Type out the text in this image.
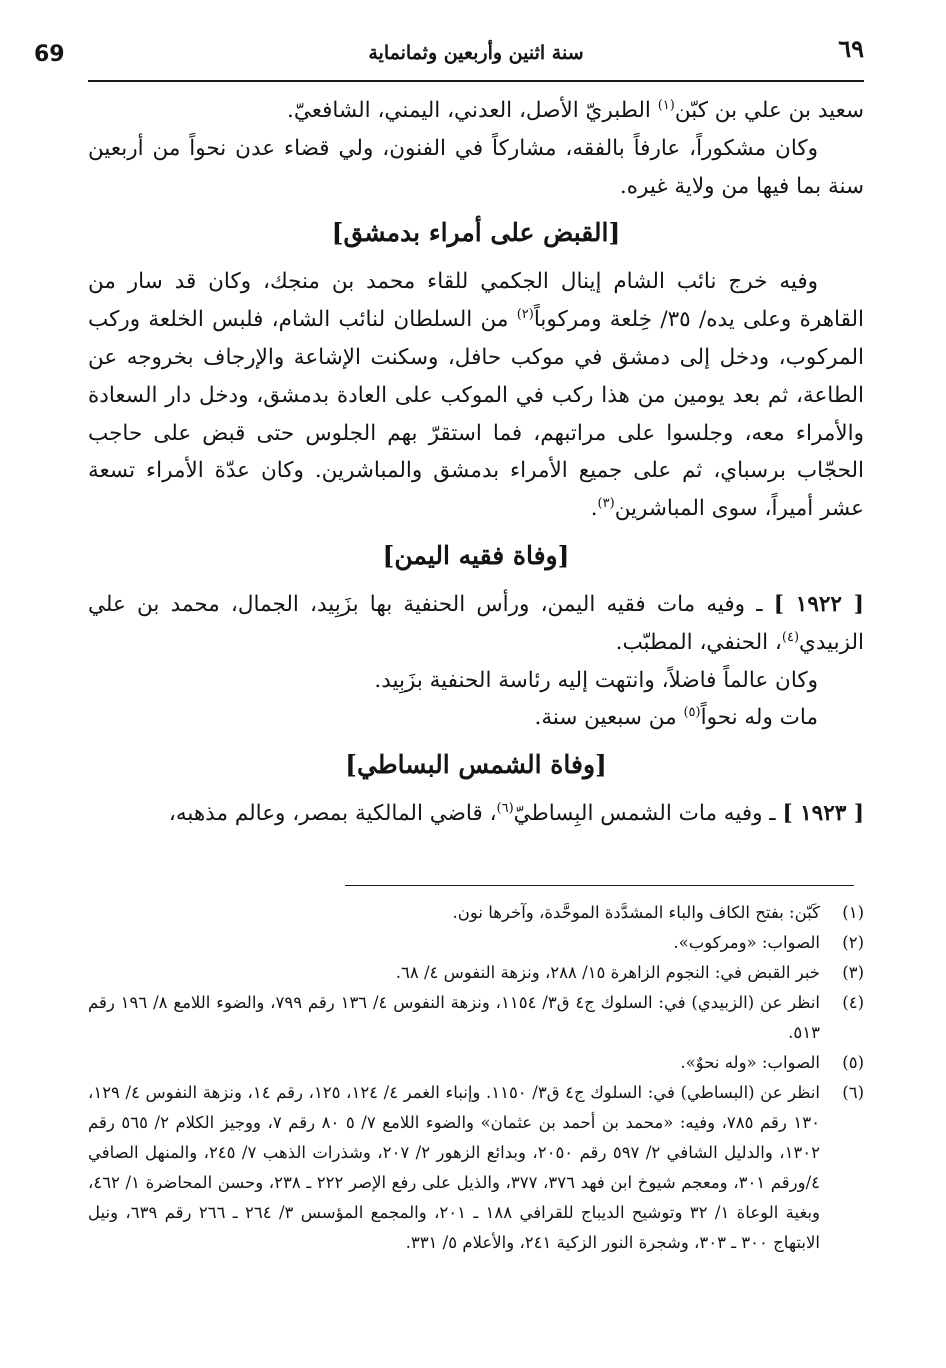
٦٩
سنة اثنين وأربعين وثمانماية
69

سعيد بن علي بن كبّن$^{(١)}$ الطبريّ الأصل، العدني، اليمني، الشافعيّ.

وكان مشكوراً، عارفاً بالفقه، مشاركاً في الفنون، ولي قضاء عدن نحواً من أربعين سنة بما فيها من ولاية غيره.

[القبض على أمراء بدمشق]

وفيه خرج نائب الشام إينال الجكمي للقاء محمد بن منجك، وكان قد سار من القاهرة وعلى يده/ ٣٥/ خِلعة ومركوباً$^{(٢)}$ من السلطان لنائب الشام، فلبس الخلعة وركب المركوب، ودخل إلى دمشق في موكب حافل، وسكنت الإشاعة والإرجاف بخروجه عن الطاعة، ثم بعد يومين من هذا ركب في الموكب على العادة بدمشق، ودخل دار السعادة والأمراء معه، وجلسوا على مراتبهم، فما استقرّ بهم الجلوس حتى قبض على حاجب الحجّاب برسباي، ثم على جميع الأمراء بدمشق والمباشرين. وكان عدّة الأمراء تسعة عشر أميراً، سوى المباشرين$^{(٣)}$.

[وفاة فقيه اليمن]

[ ١٩٢٢ ] ـ وفيه مات فقيه اليمن، ورأس الحنفية بها بزَبِيد، الجمال، محمد بن علي الزبيدي$^{(٤)}$، الحنفي، المطبّب.

وكان عالماً فاضلاً، وانتهت إليه رئاسة الحنفية بزَبِيد.

مات وله نحواً$^{(٥)}$ من سبعين سنة.

[وفاة الشمس البساطي]

[ ١٩٢٣ ] ـ وفيه مات الشمس البِساطيّ$^{(٦)}$، قاضي المالكية بمصر، وعالم مذهبه،

(١)
كَبّن: بفتح الكاف والباء المشدَّدة الموحَّدة، وآخرها نون.
(٢)
الصواب: «ومركوب».
(٣)
خبر القبض في: النجوم الزاهرة ١٥/ ٢٨٨، ونزهة النفوس ٤/ ٦٨.
(٤)
انظر عن (الزبيدي) في: السلوك ج٤ ق٣/ ١١٥٤، ونزهة النفوس ٤/ ١٣٦ رقم ٧٩٩، والضوء اللامع ٨/ ١٩٦ رقم ٥١٣.
(٥)
الصواب: «وله نحوٌ».
(٦)
انظر عن (البساطي) في: السلوك ج٤ ق٣/ ١١٥٠. وإنباء الغمر ٤/ ١٢٤، ١٢٥، رقم ١٤، ونزهة النفوس ٤/ ١٢٩، ١٣٠ رقم ٧٨٥، وفيه: «محمد بن أحمد بن عثمان» والضوء اللامع ٧/ ٥ ٨٠ رقم ٧، ووجيز الكلام ٢/ ٥٦٥ رقم ١٣٠٢، والدليل الشافي ٢/ ٥٩٧ رقم ٢٠٥٠، وبدائع الزهور ٢/ ٢٠٧، وشذرات الذهب ٧/ ٢٤٥، والمنهل الصافي ٤/ورقم ٣٠١، ومعجم شيوخ ابن فهد ٣٧٦، ٣٧٧، والذيل على رفع الإصر ٢٢٢ ـ ٢٣٨، وحسن المحاضرة ١/ ٤٦٢، وبغية الوعاة ١/ ٣٢ وتوشيح الديباج للقرافي ١٨٨ ـ ٢٠١، والمجمع المؤسس ٣/ ٢٦٤ ـ ٢٦٦ رقم ٦٣٩، ونيل الابتهاج ٣٠٠ ـ ٣٠٣، وشجرة النور الزكية ٢٤١، والأعلام ٥/ ٣٣١.
